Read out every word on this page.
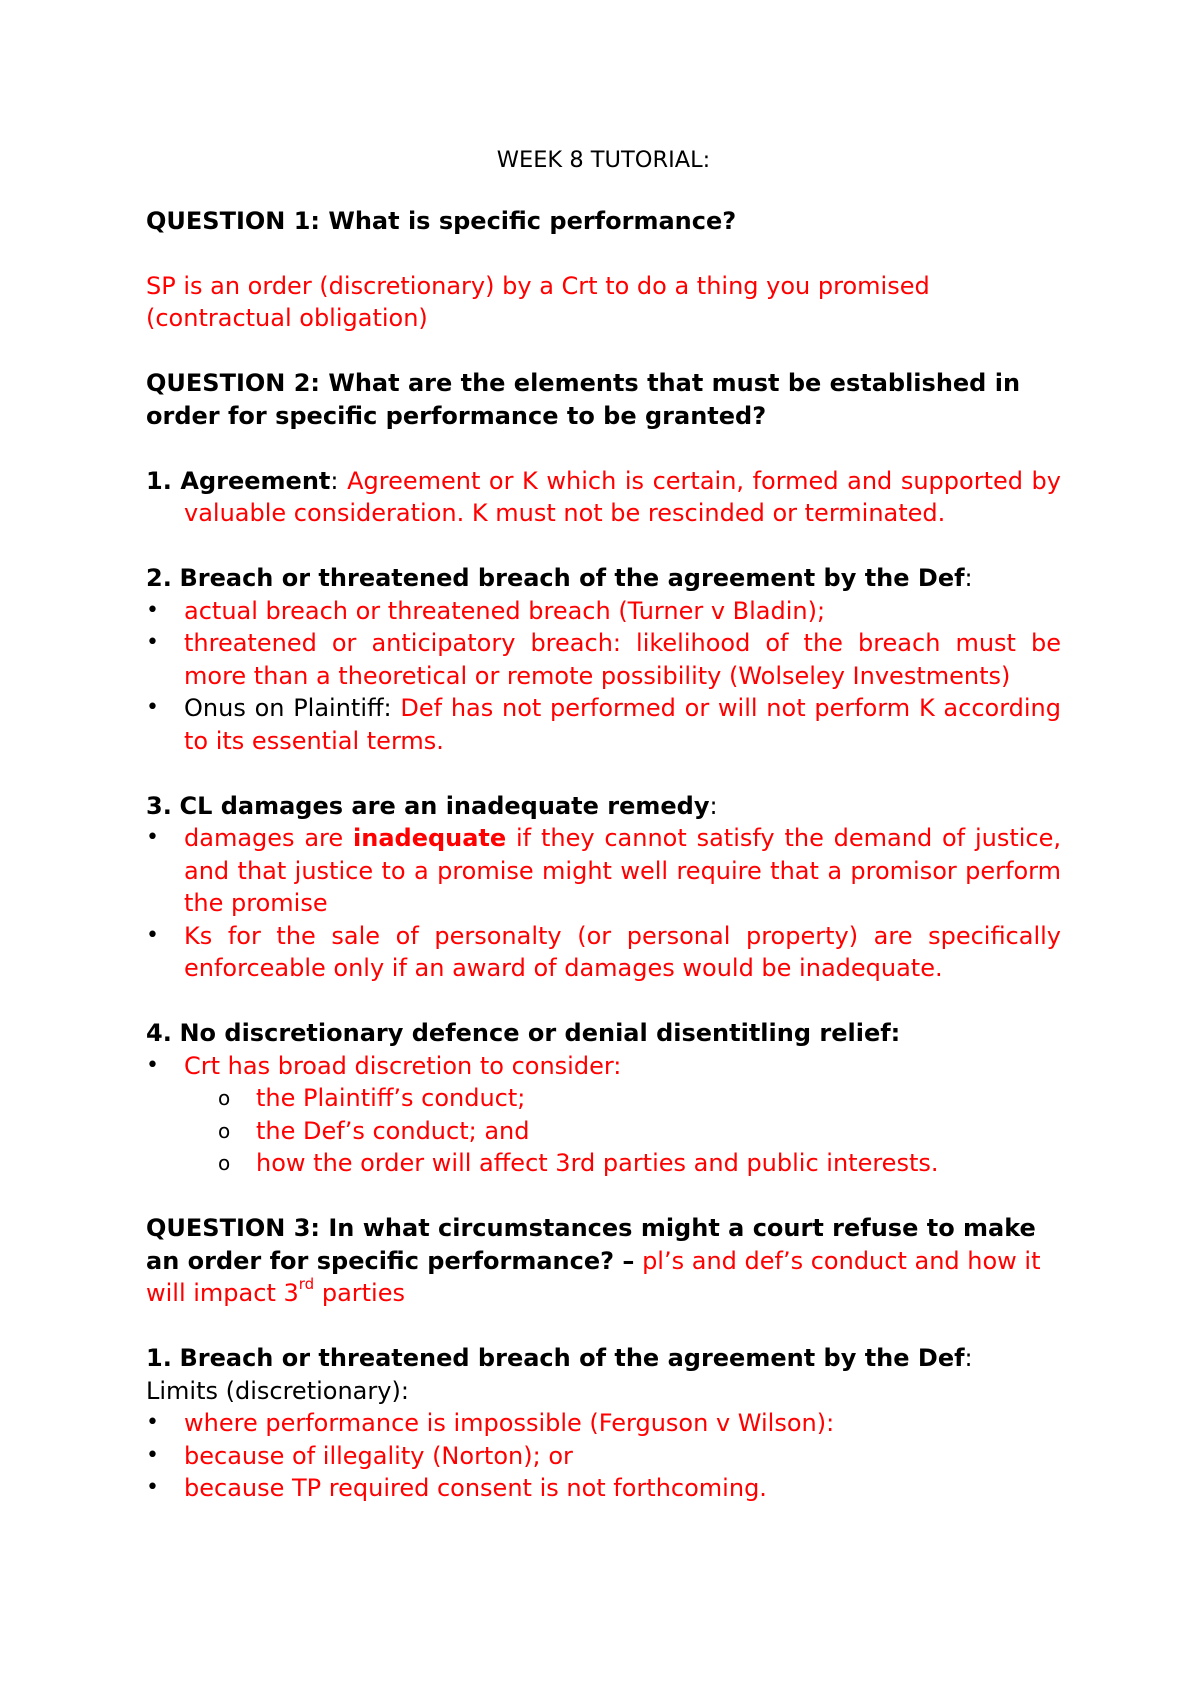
WEEK 8 TUTORIAL:

QUESTION 1: What is specific performance?

SP is an order (discretionary) by a Crt to do a thing you promised (contractual obligation)

QUESTION 2: What are the elements that must be established in order for specific performance to be granted?

1. Agreement: Agreement or K which is certain, formed and supported by valuable consideration. K must not be rescinded or terminated.

2. Breach or threatened breach of the agreement by the Def:

•	actual breach or threatened breach (Turner v Bladin);
•	threatened or anticipatory breach: likelihood of the breach must be more than a theoretical or remote possibility (Wolseley Investments)
•	Onus on Plaintiff: Def has not performed or will not perform K according to its essential terms.

3. CL damages are an inadequate remedy:

•	damages are inadequate if they cannot satisfy the demand of justice, and that justice to a promise might well require that a promisor perform the promise
•	Ks for the sale of personalty (or personal property) are specifically enforceable only if an award of damages would be inadequate.

4. No discretionary defence or denial disentitling relief:

•	Crt has broad discretion to consider:
o the Plaintiff’s conduct;
o the Def’s conduct; and
o how the order will affect 3rd parties and public interests.

QUESTION 3: In what circumstances might a court refuse to make an order for specific performance? – pl’s and def’s conduct and how it will impact 3rd parties

1. Breach or threatened breach of the agreement by the Def:

Limits (discretionary):

•	where performance is impossible (Ferguson v Wilson):
•	because of illegality (Norton); or
•	because TP required consent is not forthcoming.
